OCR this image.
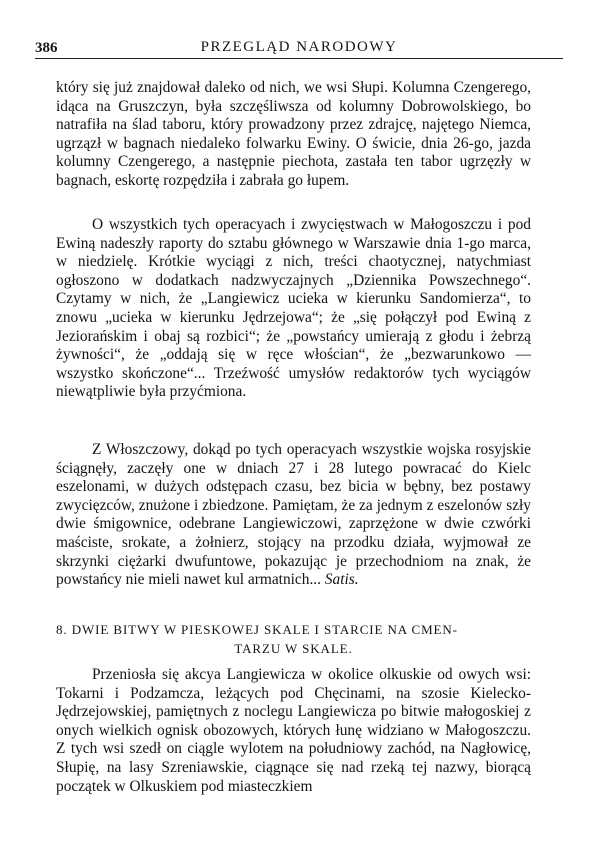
386	PRZEGLĄD NARODOWY

który się już znajdował daleko od nich, we wsi Słupi. Kolumna Czengerego, idąca na Gruszczyn, była szczęśliwsza od kolumny Dobrowolskiego, bo natrafiła na ślad taboru, który prowadzony przez zdrajcę, najętego Niemca, ugrzązł w bagnach niedaleko folwarku Ewiny. O świcie, dnia 26-go, jazda kolumny Czengerego, a następnie piechota, zastała ten tabor ugrzęzły w bagnach, eskortę rozpędziła i zabrała go łupem.

O wszystkich tych operacyach i zwycięstwach w Małogoszczu i pod Ewiną nadeszły raporty do sztabu głównego w Warszawie dnia 1-go marca, w niedzielę. Krótkie wyciągi z nich, treści chaotycznej, natychmiast ogłoszono w dodatkach nadzwyczajnych „Dziennika Powszechnego“. Czytamy w nich, że „Langiewicz ucieka w kierunku Sandomierza“, to znowu „ucieka w kierunku Jędrzejowa“; że „się połączył pod Ewiną z Jeziorańskim i obaj są rozbici“; że „powstańcy umierają z głodu i żebrzą żywności“, że „oddają się w ręce włościan“, że „bezwarunkowo — wszystko skończone“... Trzeźwość umysłów redaktorów tych wyciągów niewątpliwie była przyćmiona.

Z Włoszczowy, dokąd po tych operacyach wszystkie wojska rosyjskie ściągnęły, zaczęły one w dniach 27 i 28 lutego powracać do Kielc eszelonami, w dużych odstępach czasu, bez bicia w bębny, bez postawy zwycięzców, znużone i zbiedzone. Pamiętam, że za jednym z eszelonów szły dwie śmigownice, odebrane Langiewiczowi, zaprzężone w dwie czwórki maściste, srokate, a żołnierz, stojący na przodku działa, wyjmował ze skrzynki ciężarki dwufuntowe, pokazując je przechodniom na znak, że powstańcy nie mieli nawet kul armatnich... Satis.

8. DWIE BITWY W PIESKOWEJ SKALE I STARCIE NA CMEN-
TARZU W SKALE.

Przeniosła się akcya Langiewicza w okolice olkuskie od owych wsi: Tokarni i Podzamcza, leżących pod Chęcinami, na szosie Kielecko-Jędrzejowskiej, pamiętnych z noclegu Langiewicza po bitwie małogoskiej z onych wielkich ognisk obozowych, których łunę widziano w Małogoszczu. Z tych wsi szedł on ciągle wylotem na południowy zachód, na Nagłowicę, Słupię, na lasy Szreniawskie, ciągnące się nad rzeką tej nazwy, biorącą początek w Olkuskiem pod miasteczkiem
